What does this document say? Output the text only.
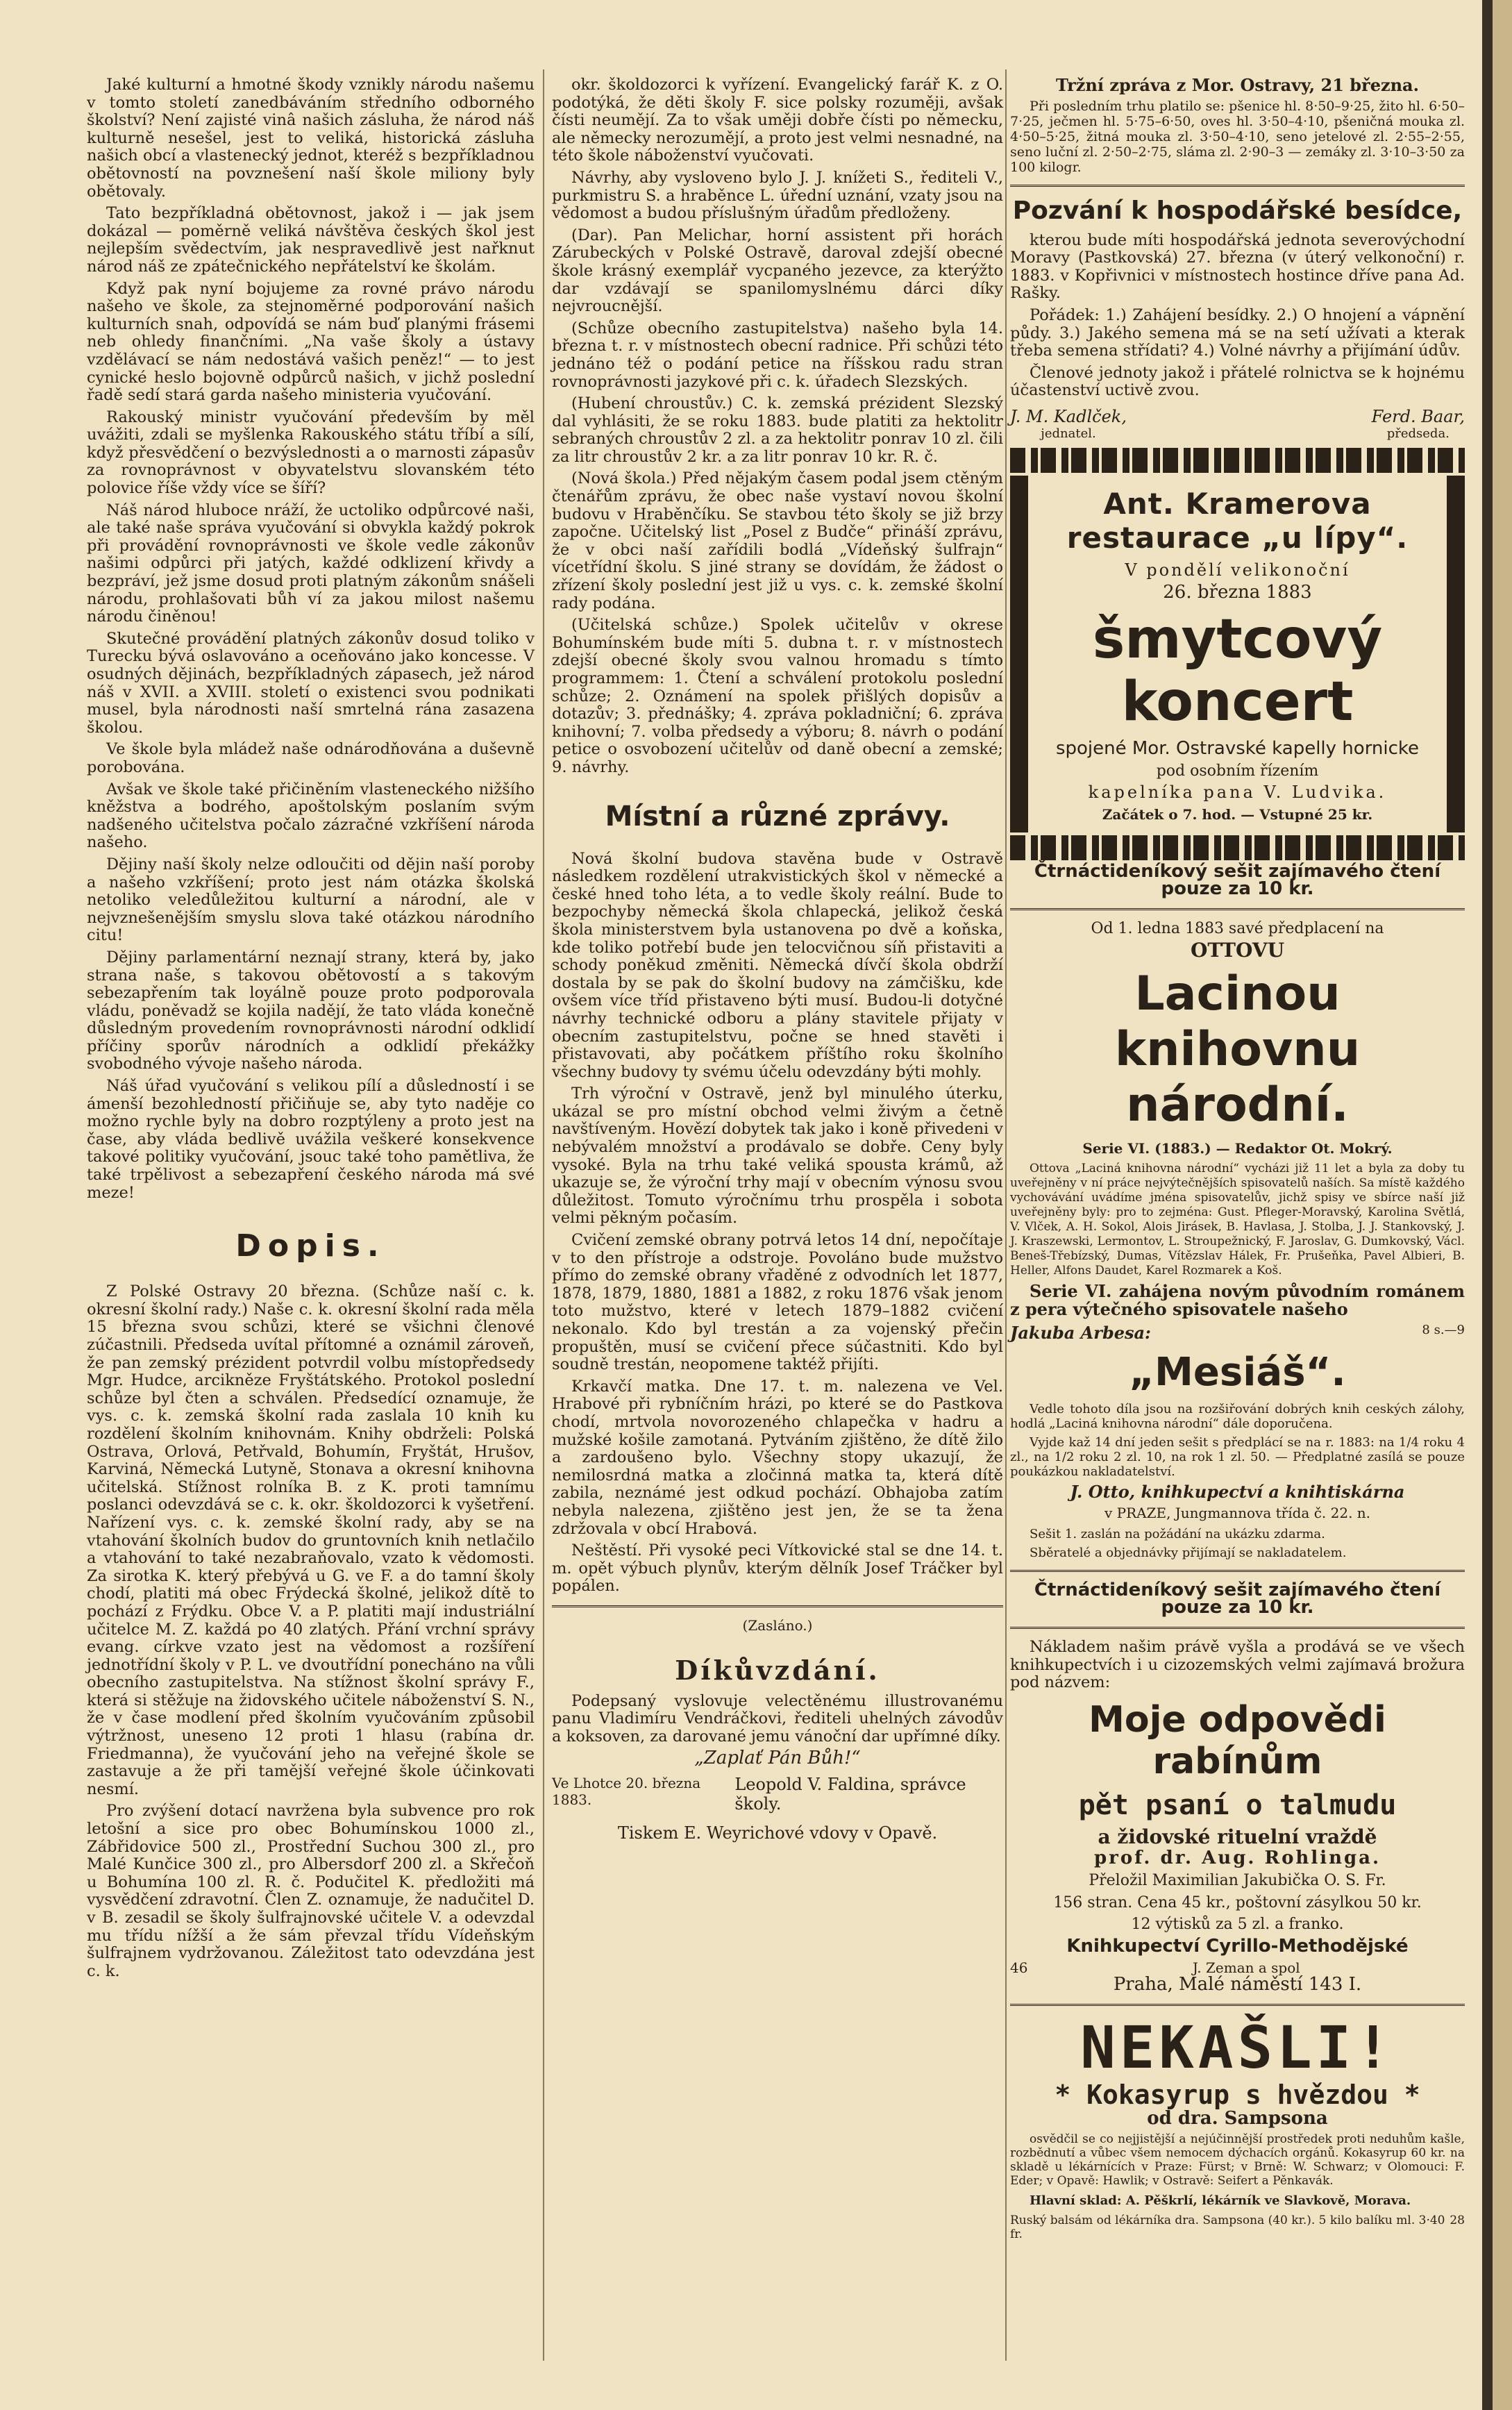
Jaké kulturní a hmotné škody vznikly národu našemu v tomto století zanedbáváním středního odborného školství? Není zajisté vinâ našich zásluha, že národ náš kulturně nesešel, jest to veliká, historická zásluha našich obcí a vlastenecký jednot, kteréž s bezpříkladnou obětovností na povznešení naší škole miliony byly obětovaly.

Tato bezpříkladná obětovnost, jakož i — jak jsem dokázal — poměrně veliká návštěva českých škol jest nejlepším svědectvím, jak nespravedlivě jest nařknut národ náš ze zpátečnického nepřátelství ke školám.

Když pak nyní bojujeme za rovné právo národu našeho ve škole, za stejnoměrné podporování našich kulturních snah, odpovídá se nám buď planými frásemi neb ohledy finančními. „Na vaše školy a ústavy vzdělávací se nám nedostává vašich peněz!“ — to jest cynické heslo bojovně odpůrců našich, v jichž poslední řadě sedí stará garda našeho ministeria vyučování.

Rakouský ministr vyučování především by měl uvážiti, zdali se myšlenka Rakouského státu tříbí a sílí, když přesvědčení o bezvýslednosti a o marnosti zápasův za rovnoprávnost v obyvatelstvu slovanském této polovice říše vždy více se šíří?

Náš národ hluboce nráží, že uctoliko odpůrcové naši, ale také naše správa vyučování si obvykla každý pokrok při provádění rovnoprávnosti ve škole vedle zákonův našimi odpůrci při jatých, každé odklizení křivdy a bezpráví, jež jsme dosud proti platným zákonům snášeli národu, prohlašovati bůh ví za jakou milost našemu národu činěnou!

Skutečné provádění platných zákonův dosud toliko v Turecku bývá oslavováno a oceňováno jako koncesse. V osudných dějinách, bezpříkladných zápasech, jež národ náš v XVII. a XVIII. století o existenci svou podnikati musel, byla národnosti naší smrtelná rána zasazena školou.

Ve škole byla mládež naše odnárodňována a duševně porobována.

Avšak ve škole také přičiněním vlasteneckého nižšího kněžstva a bodrého, apoštolským poslaním svým nadšeného učitelstva počalo zázračné vzkříšení národa našeho.

Dějiny naší školy nelze odloučiti od dějin naší poroby a našeho vzkříšení; proto jest nám otázka školská netoliko veledůležitou kulturní a národní, ale v nejvznešenějším smyslu slova také otázkou národního citu!

Dějiny parlamentární neznají strany, která by, jako strana naše, s takovou obětovostí a s takovým sebezapřením tak loyálně pouze proto podporovala vládu, poněvadž se kojila nadějí, že tato vláda konečně důsledným provedením rovnoprávnosti národní odklidí příčiny sporův národních a odklidí překážky svobodného vývoje našeho národa.

Náš úřad vyučování s velikou pílí a důsledností i se ámenší bezohledností přičiňuje se, aby tyto naděje co možno rychle byly na dobro rozptýleny a proto jest na čase, aby vláda bedlivě uvážila veškeré konsekvence takové politiky vyučování, jsouc také toho pamětliva, že také trpělivost a sebezapření českého národa má své meze!

Dopis.

Z Polské Ostravy 20 března. (Schůze naší c. k. okresní školní rady.) Naše c. k. okresní školní rada měla 15 března svou schůzi, které se všichni členové zúčastnili. Předseda uvítal přítomné a oznámil zároveň, že pan zemský prézident potvrdil volbu místopředsedy Mgr. Hudce, arciknězе Fryštátského. Protokol poslední schůze byl čten a schválen. Předsedící oznamuje, že vys. c. k. zemská školní rada zaslala 10 knih ku rozdělení školním knihovnám. Knihy obdrželi: Polská Ostrava, Orlová, Petřvald, Bohumín, Fryštát, Hrušov, Karviná, Německá Lutyně, Stonava a okresní knihovna učitelská. Stížnost rolníka B. z K. proti tamnímu poslanci odevzdává se c. k. okr. školdozorci k vyšetření. Nařízení vys. c. k. zemské školní rady, aby se na vtahování školních budov do gruntovních knih netlačilo a vtahování to také nezabraňovalo, vzato k vědomosti. Za sirotka K. který přebývá u G. ve F. a do tamní školy chodí, platiti má obec Frýdecká školné, jelikož dítě to pochází z Frýdku. Obce V. a P. platiti mají industriální učitelce M. Z. každá po 40 zlatých. Přání vrchní správy evang. církve vzato jest na vědomost a rozšíření jednotřídní školy v P. L. ve dvoutřídní ponecháno na vůli obecního zastupitelstva. Na stížnost školní správy F., která si stěžuje na židovského učitele náboženství S. N., že v čase modlení před školním vyučováním způsobil výtržnost, uneseno 12 proti 1 hlasu (rabína dr. Friedmanna), že vyučování jeho na veřejné škole se zastavuje a že při tamější veřejné škole účinkovati nesmí.

Pro zvýšení dotací navržena byla subvence pro rok letošní a sice pro obec Bohumínskou 1000 zl., Zábřidovice 500 zl., Prostřední Suchou 300 zl., pro Malé Kunčice 300 zl., pro Albersdorf 200 zl. a Skřečoň u Bohumína 100 zl. R. č. Podučitel K. předložiti má vysvědčení zdravotní. Člen Z. oznamuje, že nadučitel D. v B. zesadil se školy šulfrajnovské učitele V. a odevzdal mu třídu nížší a že sám převzal třídu Vídeňským šulfrajnem vydržovanou. Záležitost tato odevzdána jest c. k.

okr. školdozorci k vyřízení. Evangelický farář K. z O. podotýká, že děti školy F. sice polsky rozuměji, avšak čísti neumějí. Za to však uměji dobře čísti po německu, ale německy nerozumějí, a proto jest velmi nesnadné, na této škole náboženství vyučovati.

Návrhy, aby vysloveno bylo J. J. knížeti S., řediteli V., purkmistru S. a hraběnce L. úřední uznání, vzaty jsou na vědomost a budou příslušným úřadům předloženy.

(Dar). Pan Melichar, horní assistent při horách Zárubeckých v Polské Ostravě, daroval zdejší obecné škole krásný exemplář vycpaného jezevce, za kterýžto dar vzdávají se spanilomyslnému dárci díky nejvroucnější.

(Schůze obecního zastupitelstva) našeho byla 14. března t. r. v místnostech obecní radnice. Při schůzi této jednáno též o podání petice na říšskou radu stran rovnoprávnosti jazykové při c. k. úřadech Slezských.

(Hubení chroustův.) C. k. zemská prézident Slezský dal vyhlásiti, že se roku 1883. bude platiti za hektolitr sebraných chroustův 2 zl. a za hektolitr ponrav 10 zl. čili za litr chroustův 2 kr. a za litr ponrav 10 kr. R. č.

(Nová škola.) Před nějakým časem podal jsem ctěným čtenářům zprávu, že obec naše vystaví novou školní budovu v Hraběnčíku. Se stavbou této školy se již brzy započne. Učitelský list „Posel z Budče“ přináší zprávu, že v obci naší zařídili bodlá „Vídeňský šulfrajn“ vícetřídní školu. S jiné strany se dovídám, že žádost o zřízení školy poslední jest již u vys. c. k. zemské školní rady podána.

(Učitelská schůze.) Spolek učitelův v okrese Bohumínském bude míti 5. dubna t. r. v místnostech zdejší obecné školy svou valnou hromadu s tímto programmem: 1. Čtení a schválení protokolu poslední schůze; 2. Oznámení na spolek přišlých dopisův a dotazův; 3. přednášky; 4. zpráva pokladniční; 6. zpráva knihovní; 7. volba předsedy a výboru; 8. návrh o podání petice o osvobození učitelův od daně obecní a zemské; 9. návrhy.

Místní a různé zprávy.

Nová školní budova stavěna bude v Ostravě následkem rozdělení utrakvistických škol v německé a české hned toho léta, a to vedle školy reální. Bude to bezpochyby německá škola chlapecká, jelikož česká škola ministerstvem byla ustanovena po dvě a koňska, kde toliko potřebí bude jen telocvičnou síň přistaviti a schody poněkud změniti. Německá dívčí škola obdrží dostala by se pak do školní budovy na zámčišku, kde ovšem více tříd přistaveno býti musí. Budou-li dotyčné návrhy technické odboru a plány stavitele přijaty v obecním zastupitelstvu, počne se hned stavěti i přistavovati, aby počátkem příštího roku školního všechny budovy ty svému účelu odevzdány býti mohly.

Trh výroční v Ostravě, jenž byl minulého úterku, ukázal se pro místní obchod velmi živým a četně navštíveným. Hovězí dobytek tak jako i koně přivedeni v nebývalém množství a prodávalo se dobře. Ceny byly vysoké. Byla na trhu také veliká spousta krámů, až ukazuje se, že výroční trhy mají v obecním výnosu svou důležitost. Tomuto výročnímu trhu prospěla i sobota velmi pěkným počasím.

Cvičení zemské obrany potrvá letos 14 dní, nepočítaje v to den přístroje a odstroje. Povoláno bude mužstvo přímo do zemské obrany vřaděné z odvodních let 1877, 1878, 1879, 1880, 1881 a 1882, z roku 1876 však jenom toto mužstvo, které v letech 1879–1882 cvičení nekonalo. Kdo byl trestán a za vojenský přečin propuštěn, musí se cvičení přece súčastniti. Kdo byl soudně trestán, neopomene taktéž přijíti.

Krkavčí matka. Dne 17. t. m. nalezena ve Vel. Hrabové při rybníčním hrázi, po které se do Pastkova chodí, mrtvola novorozeného chlapečka v hadru a mužské košile zamotaná. Pytváním zjištěno, že dítě žilo a zardoušeno bylo. Všechny stopy ukazují, že nemilosrdná matka a zločinná matka ta, která dítě zabila, neznámé jest odkud pochází. Obhajoba zatím nebyla nalezena, zjištěno jest jen, že se ta žena zdržovala v obcí Hrabová.

Neštěstí. Při vysoké peci Vítkovické stal se dne 14. t. m. opět výbuch plynův, kterým dělník Josef Tráčker byl popálen.

(Zasláno.)

Díkůvzdání.

Podepsaný vyslovuje velectěnému illustrovanému panu Vladimíru Vendráčkovi, řediteli uhelných závodův a koksoven, za darované jemu vánoční dar upřímné díky.

„Zaplať Pán Bůh!“

Ve Lhotce 20. března 1883.
Leopold V. Faldina, správce školy.

Tiskem E. Weyrichové vdovy v Opavě.

Tržní zpráva z Mor. Ostravy, 21 března.

Při posledním trhu platilo se: pšenice hl. 8·50–9·25, žito hl. 6·50–7·25, ječmen hl. 5·75–6·50, oves hl. 3·50–4·10, pšeničná mouka zl. 4·50–5·25, žitná mouka zl. 3·50–4·10, seno jetelové zl. 2·55–2·55, seno luční zl. 2·50–2·75, sláma zl. 2·90–3 — zemáky zl. 3·10–3·50 za 100 kilogr.

Pozvání k hospodářské besídce,

kterou bude míti hospodářská jednota severovýchodní Moravy (Pastkovská) 27. března (v úterý velkonoční) r. 1883. v Kopřivnici v místnostech hostince dříve pana Ad. Rašky.

Pořádek: 1.) Zahájení besídky. 2.) O hnojení a vápnění půdy. 3.) Jakého semena má se na setí užívati a kterak třeba semena střídati? 4.) Volné návrhy a přijímání údův.

Členové jednoty jakož i přátelé rolnictva se k hojnému účastenství uctivě zvou.

J. M. Kadlček,
jednatel.
Ferd. Baar,
předseda.
Ant. Kramerova restaurace „u lípy“.

V pondělí velikonoční

26. března 1883

šmytcový koncert

spojené Mor. Ostravské kapelly hornicke

pod osobním řízením

kapelníka pana V. Ludvika.

Začátek o 7. hod. — Vstupné 25 kr.

Čtrnáctideníkový sešit zajímavého čtení pouze za 10 kr.

Od 1. ledna 1883 savé předplacení na

OTTOVU

Lacinou knihovnu národní.

Serie VI. (1883.) — Redaktor Ot. Mokrý.

Ottova „Laciná knihovna národní“ vycházi již 11 let a byla za doby tu uveřejněny v ní práce nejvýtečnějších spisovatelů naších. Sa místě každého vychovávání uvádíme jména spisovatelův, jichž spisy ve sbírce naší již uveřejněny byly: pro to zejména: Gust. Pfleger-Moravský, Karolina Světlá, V. Vlček, A. H. Sokol, Alois Jirásek, B. Havlasa, J. Stolba, J. J. Stankovský, J. J. Kraszewski, Lermontov, L. Stroupežnický, F. Jaroslav, G. Dumkovský, Václ. Beneš-Třebízský, Dumas, Vítězslav Hálek, Fr. Prušeňka, Pavel Albieri, B. Heller, Alfons Daudet, Karel Rozmarek a Koš.

Serie VI. zahájena novým původním románem z pera výtečného spisovatele našeho

Jakuba Arbesa:	8 s.—9
„Mesiáš“.

Vedle tohoto díla jsou na rozšiřování dobrých knih ceských zálohy, hodlá „Laciná knihovna národní“ dále doporučena.

Vyjde kaž 14 dní jeden sešit s předplácí se na r. 1883: na 1/4 roku 4 zl., na 1/2 roku 2 zl. 10, na rok 1 zl. 50. — Předplatné zasílá se pouze poukázkou nakladatelství.

J. Otto, knihkupectví a knihtiskárna

v PRAZE, Jungmannova třída č. 22. n.

Sešit 1. zaslán na požádání na ukázku zdarma.

Sběratelé a objednávky přijímají se nakladatelem.

Čtrnáctideníkový sešit zajímavého čtení pouze za 10 kr.

Nákladem našim právě vyšla a prodává se ve všech knihkupectvích i u cizozemských velmi zajímavá brožura pod názvem:

Moje odpovědi rabínům
pět psaní o talmudu

a židovské rituelní vraždě

prof. dr. Aug. Rohlinga.

Přeložil Maximilian Jakubička O. S. Fr.

156 stran. Cena 45 kr., poštovní zásylkou 50 kr.

12 výtisků za 5 zl. a franko.

Knihkupectví Cyrillo-Methodějské

46	J. Zeman a spol

Praha, Malé náměstí 143 I.

NEKAŠLI!
* Kokasyrup s hvězdou *

od dra. Sampsona

osvědčil se co nejjistější a nejúčinnější prostředek proti neduhům kašle, rozbědnutí a vůbec všem nemocem dýchacích orgánů. Kokasyrup 60 kr. na skladě u lékárnících v Praze: Fürst; v Brně: W. Schwarz; v Olomouci: F. Eder; v Opavě: Hawlik; v Ostravě: Seifert a Pěnkavák.

Hlavní sklad: A. Pěškrlí, lékárník ve Slavkově, Morava.

Ruský balsám od lékárníka dra. Sampsona (40 kr.). 5 kilo balíku ml. 3·40 fr.
28
